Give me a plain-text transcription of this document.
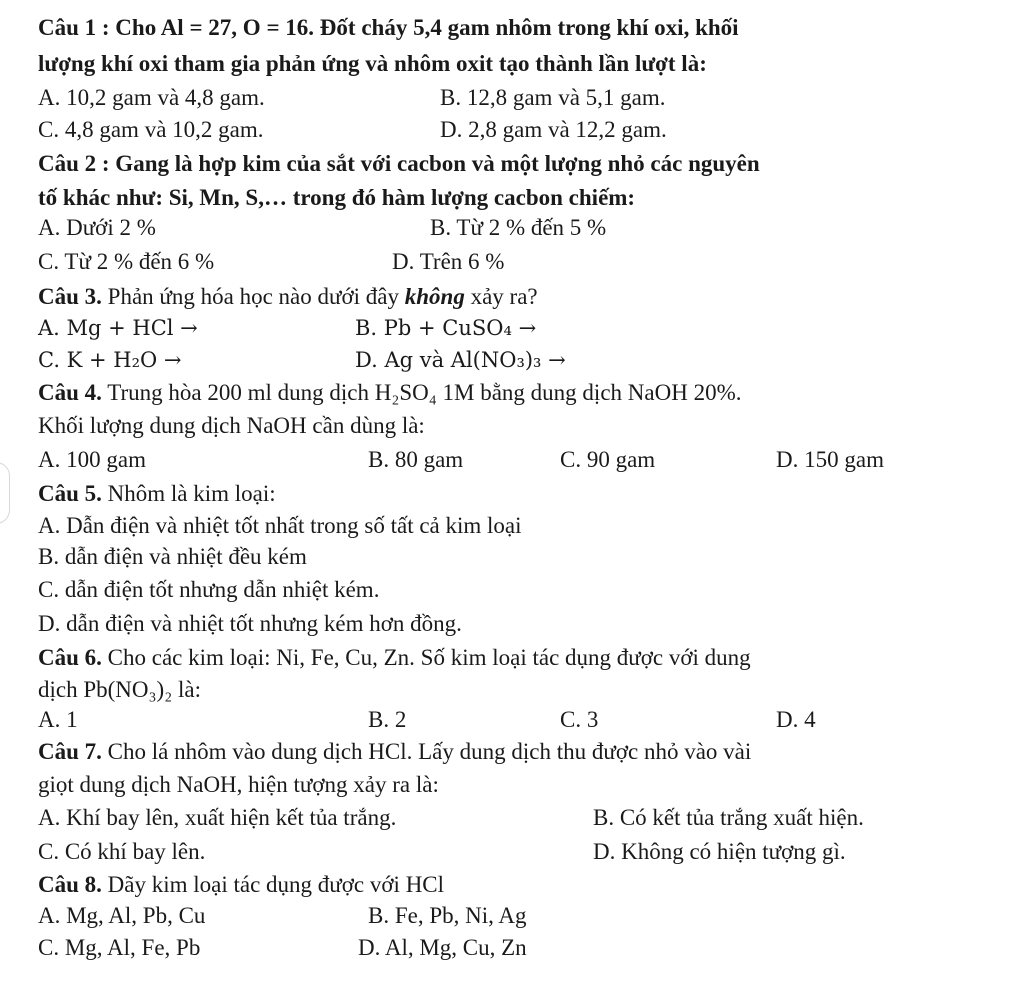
Câu 1 : Cho Al = 27, O = 16. Đốt cháy 5,4 gam nhôm trong khí oxi, khối
lượng khí oxi tham gia phản ứng và nhôm oxit tạo thành lần lượt là:
A. 10,2 gam và 4,8 gam.	B. 12,8 gam và 5,1 gam.
C. 4,8 gam và 10,2 gam.	D. 2,8 gam và 12,2 gam.
Câu 2 : Gang là hợp kim của sắt với cacbon và một lượng nhỏ các nguyên
tố khác như: Si, Mn, S,… trong đó hàm lượng cacbon chiếm:
A. Dưới 2 %	B. Từ 2 % đến 5 %
C. Từ 2 % đến 6 %	D. Trên 6 %
Câu 3. Phản ứng hóa học nào dưới đây không xảy ra?
A. Mg + HCl →	B. Pb + CuSO₄ →
C. K + H₂O →	D. Ag và Al(NO₃)₃ →
Câu 4. Trung hòa 200 ml dung dịch H₂SO₄ 1M bằng dung dịch NaOH 20%.
Khối lượng dung dịch NaOH cần dùng là:
A. 100 gam	B. 80 gam	C. 90 gam	D. 150 gam
Câu 5. Nhôm là kim loại:
A. Dẫn điện và nhiệt tốt nhất trong số tất cả kim loại
B. dẫn điện và nhiệt đều kém
C. dẫn điện tốt nhưng dẫn nhiệt kém.
D. dẫn điện và nhiệt tốt nhưng kém hơn đồng.
Câu 6. Cho các kim loại: Ni, Fe, Cu, Zn. Số kim loại tác dụng được với dung
dịch Pb(NO₃)₂ là:
A. 1	B. 2	C. 3	D. 4
Câu 7. Cho lá nhôm vào dung dịch HCl. Lấy dung dịch thu được nhỏ vào vài
giọt dung dịch NaOH, hiện tượng xảy ra là:
A. Khí bay lên, xuất hiện kết tủa trắng.	B. Có kết tủa trắng xuất hiện.
C. Có khí bay lên.	D. Không có hiện tượng gì.
Câu 8. Dãy kim loại tác dụng được với HCl
A. Mg, Al, Pb, Cu	B. Fe, Pb, Ni, Ag
C. Mg, Al, Fe, Pb	D. Al, Mg, Cu, Zn
